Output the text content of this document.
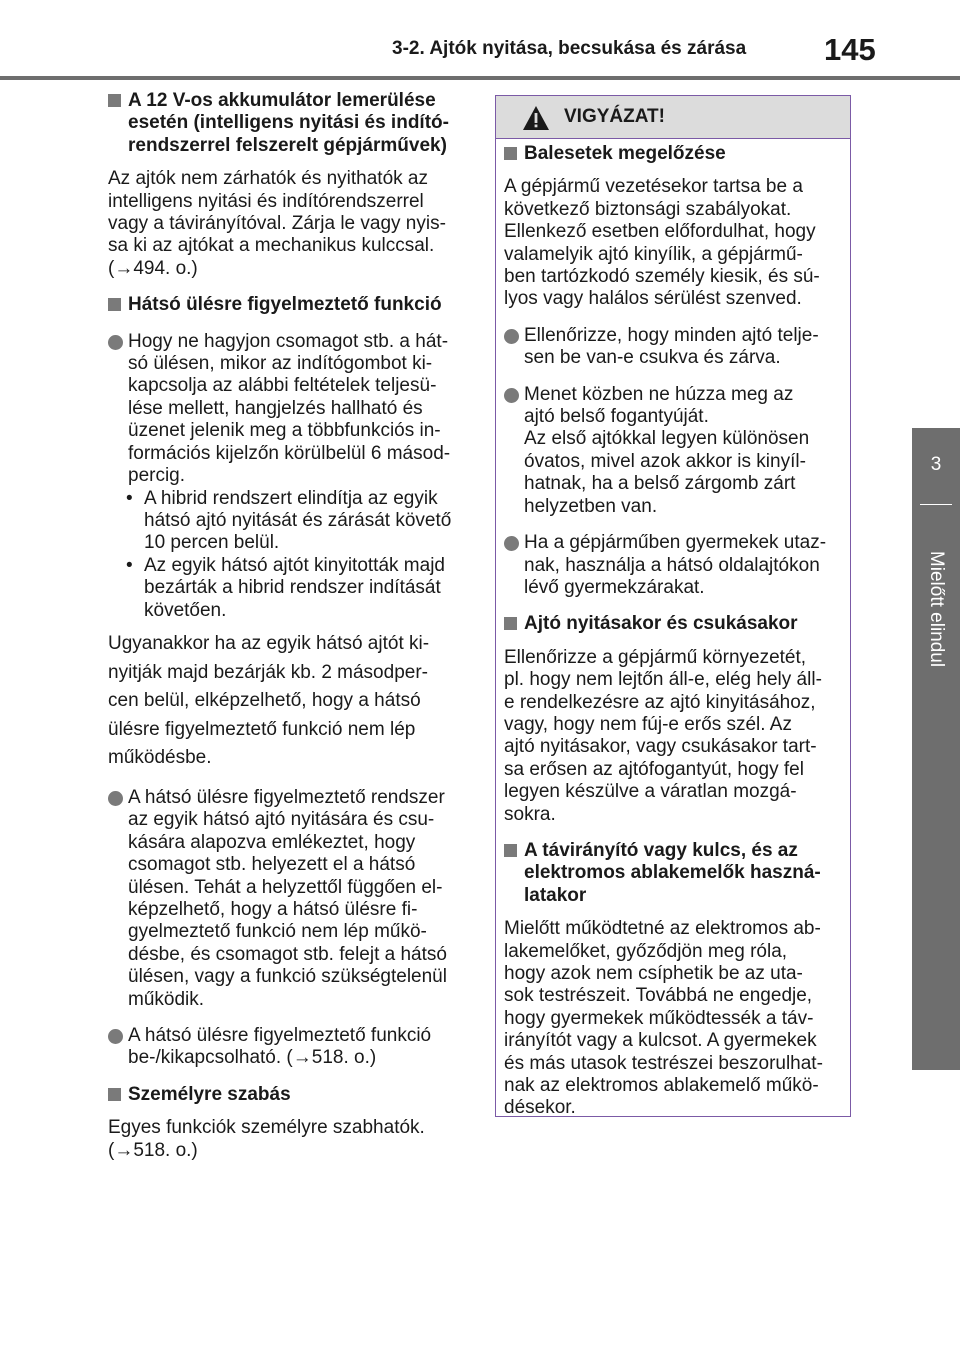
3-2. Ajtók nyitása, becsukása és zárása	145
3
Mielőtt elindul
A 12 V-os akkumulátor lemerülése
esetén (intelligens nyitási és indító-
rendszerrel felszerelt gépjárművek)
Az ajtók nem zárhatók és nyithatók az
intelligens nyitási és indítórendszerrel
vagy a távirányítóval. Zárja le vagy nyis-
sa ki az ajtókat a mechanikus kulccsal.
(→494. o.)
Hátsó ülésre figyelmeztető funkció
Hogy ne hagyjon csomagot stb. a hát-
só ülésen, mikor az indítógombot ki-
kapcsolja az alábbi feltételek teljesü-
lése mellett, hangjelzés hallható és
üzenet jelenik meg a többfunkciós in-
formációs kijelzőn körülbelül 6 másod-
percig.
• A hibrid rendszert elindítja az egyik
hátsó ajtó nyitását és zárását követő
10 percen belül.
• Az egyik hátsó ajtót kinyitották majd
bezárták a hibrid rendszer indítását
követően.
Ugyanakkor ha az egyik hátsó ajtót ki-
nyitják majd bezárják kb. 2 másodper-
cen belül, elképzelhető, hogy a hátsó
ülésre figyelmeztető funkció nem lép
működésbe.
A hátsó ülésre figyelmeztető rendszer
az egyik hátsó ajtó nyitására és csu-
kására alapozva emlékeztet, hogy
csomagot stb. helyezett el a hátsó
ülésen. Tehát a helyzettől függően el-
képzelhető, hogy a hátsó ülésre fi-
gyelmeztető funkció nem lép műkö-
désbe, és csomagot stb. felejt a hátsó
ülésen, vagy a funkció szükségtelenül
működik.
A hátsó ülésre figyelmeztető funkció
be-/kikapcsolható. (→518. o.)
Személyre szabás
Egyes funkciók személyre szabhatók.
(→518. o.)
VIGYÁZAT!
Balesetek megelőzése
A gépjármű vezetésekor tartsa be a
következő biztonsági szabályokat.
Ellenkező esetben előfordulhat, hogy
valamelyik ajtó kinyílik, a gépjármű-
ben tartózkodó személy kiesik, és sú-
lyos vagy halálos sérülést szenved.
Ellenőrizze, hogy minden ajtó telje-
sen be van-e csukva és zárva.
Menet közben ne húzza meg az
ajtó belső fogantyúját.
Az első ajtókkal legyen különösen
óvatos, mivel azok akkor is kinyíl-
hatnak, ha a belső zárgomb zárt
helyzetben van.
Ha a gépjárműben gyermekek utaz-
nak, használja a hátsó oldalajtókon
lévő gyermekzárakat.
Ajtó nyitásakor és csukásakor
Ellenőrizze a gépjármű környezetét,
pl. hogy nem lejtőn áll-e, elég hely áll-
e rendelkezésre az ajtó kinyitásához,
vagy, hogy nem fúj-e erős szél. Az
ajtó nyitásakor, vagy csukásakor tart-
sa erősen az ajtófogantyút, hogy fel
legyen készülve a váratlan mozgá-
sokra.
A távirányító vagy kulcs, és az
elektromos ablakemelők haszná-
latakor
Mielőtt működtetné az elektromos ab-
lakemelőket, győződjön meg róla,
hogy azok nem csíphetik be az uta-
sok testrészeit. Továbbá ne engedje,
hogy gyermekek működtessék a táv-
irányítót vagy a kulcsot. A gyermekek
és más utasok testrészei beszorulhat-
nak az elektromos ablakemelő műkö-
désekor.
